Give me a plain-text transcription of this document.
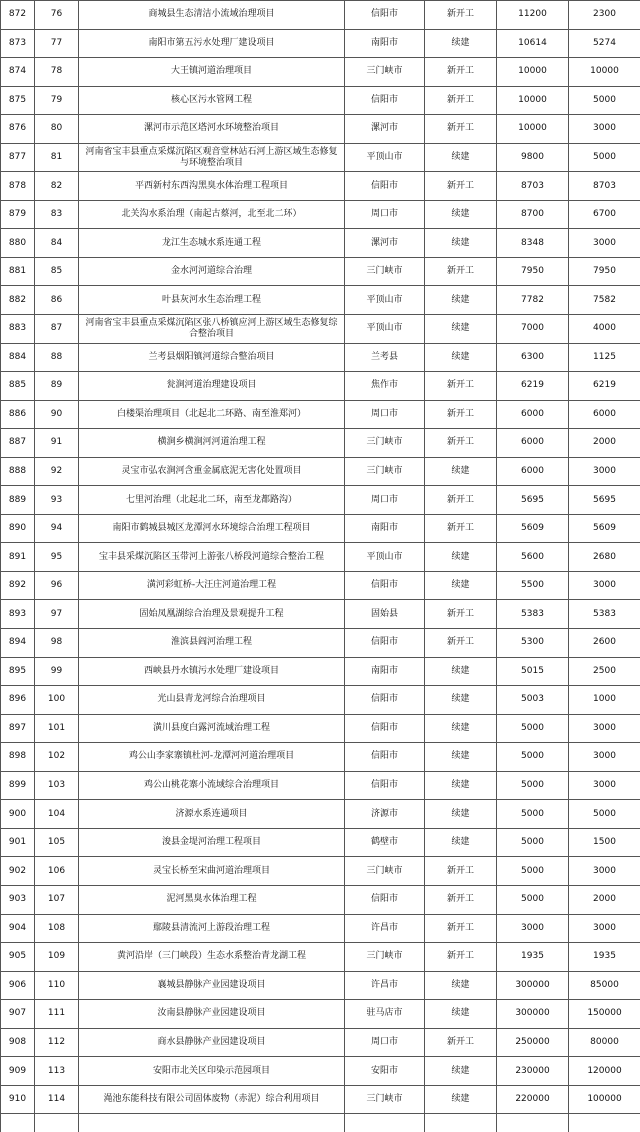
872	76	商城县生态清洁小流域治理项目	信阳市	新开工	11200	2300
873	77	南阳市第五污水处理厂建设项目	南阳市	续建	10614	5274
874	78	大王镇河道治理项目	三门峡市	新开工	10000	10000
875	79	核心区污水管网工程	信阳市	新开工	10000	5000
876	80	漯河市示范区塔河水环境整治项目	漯河市	新开工	10000	3000
877	81	河南省宝丰县重点采煤沉陷区观音堂林站石河上游区域生态修复与环境整治项目	平顶山市	续建	9800	5000
878	82	平西新村东西沟黑臭水体治理工程项目	信阳市	新开工	8703	8703
879	83	北关沟水系治理（南起古蔡河，北至北二环）	周口市	续建	8700	6700
880	84	龙江生态城水系连通工程	漯河市	续建	8348	3000
881	85	金水河河道综合治理	三门峡市	新开工	7950	7950
882	86	叶县灰河水生态治理工程	平顶山市	续建	7782	7582
883	87	河南省宝丰县重点采煤沉陷区张八桥镇应河上游区域生态修复综合整治项目	平顶山市	续建	7000	4000
884	88	兰考县烟阳镇河道综合整治项目	兰考县	续建	6300	1125
885	89	瓮涧河道治理建设项目	焦作市	新开工	6219	6219
886	90	白楼渠治理项目（北起北二环路、南至淮郑河）	周口市	新开工	6000	6000
887	91	横涧乡横涧河河道治理工程	三门峡市	新开工	6000	2000
888	92	灵宝市弘农涧河含重金属底泥无害化处置项目	三门峡市	续建	6000	3000
889	93	七里河治理（北起北二环，南至龙都路沟）	周口市	新开工	5695	5695
890	94	南阳市鹤城县城区龙潭河水环境综合治理工程项目	南阳市	新开工	5609	5609
891	95	宝丰县采煤沉陷区玉带河上游张八桥段河道综合整治工程	平顶山市	续建	5600	2680
892	96	潢河彩虹桥-大汪庄河道治理工程	信阳市	续建	5500	3000
893	97	固始凤凰湖综合治理及景观提升工程	固始县	新开工	5383	5383
894	98	淮滨县阎河治理工程	信阳市	新开工	5300	2600
895	99	西峡县丹水镇污水处理厂建设项目	南阳市	续建	5015	2500
896	100	光山县青龙河综合治理项目	信阳市	续建	5003	1000
897	101	潢川县度白露河流域治理工程	信阳市	续建	5000	3000
898	102	鸡公山李家寨镇杜河-龙潭河河道治理项目	信阳市	续建	5000	3000
899	103	鸡公山桃花寨小流域综合治理项目	信阳市	续建	5000	3000
900	104	济源水系连通项目	济源市	续建	5000	5000
901	105	浚县金堤河治理工程项目	鹤壁市	续建	5000	1500
902	106	灵宝长桥至宋曲河道治理项目	三门峡市	新开工	5000	3000
903	107	泥河黑臭水体治理工程	信阳市	新开工	5000	2000
904	108	鄢陵县清流河上游段治理工程	许昌市	新开工	3000	3000
905	109	黄河沿岸（三门峡段）生态水系整治青龙湖工程	三门峡市	新开工	1935	1935
906	110	襄城县静脉产业园建设项目	许昌市	续建	300000	85000
907	111	汝南县静脉产业园建设项目	驻马店市	续建	300000	150000
908	112	商水县静脉产业园建设项目	周口市	新开工	250000	80000
909	113	安阳市北关区印染示范园项目	安阳市	续建	230000	120000
910	114	渑池东能科技有限公司固体废物（赤泥）综合利用项目	三门峡市	续建	220000	100000
